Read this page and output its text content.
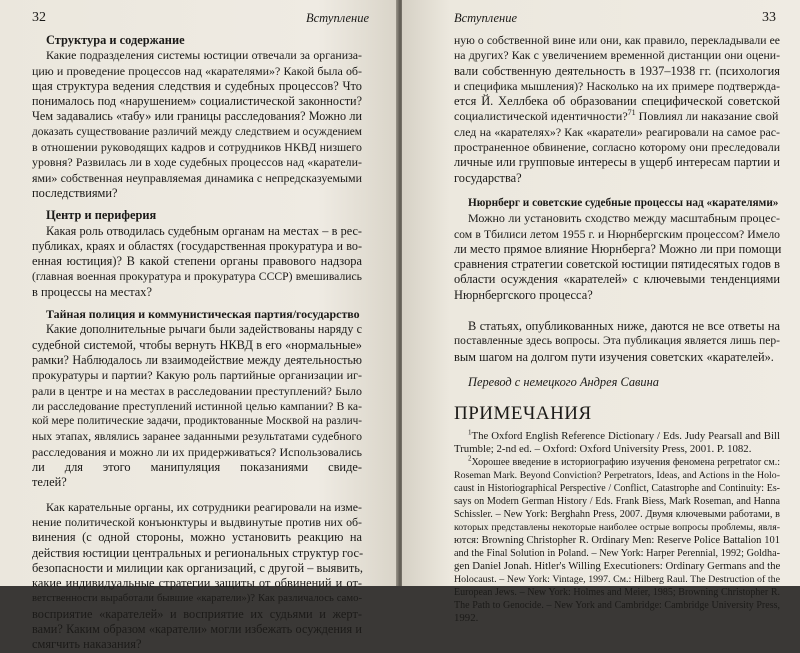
32	Вступление
Структура и содержание
Какие подразделения системы юстиции отвечали за организа-
цию и проведение процессов над «карателями»? Какой была об-
щая структура ведения следствия и судебных процессов? Что
понималось под «нарушением» социалистической законности?
Чем задавались «табу» или границы расследования? Можно ли
доказать существование различий между следствием и осуждением
в отношении руководящих кадров и сотрудников НКВД низшего
уровня? Развилась ли в ходе судебных процессов над «каратели-
ями» собственная неуправляемая динамика с непредсказуемыми
последствиями?
Центр и периферия
Какая роль отводилась судебным органам на местах – в рес-
публиках, краях и областях (государственная прокуратура и во-
енная юстиция)? В какой степени органы правового надзора
(главная военная прокуратура и прокуратура СССР) вмешивались
в процессы на местах?
Тайная полиция и коммунистическая партия/государство
Какие дополнительные рычаги были задействованы наряду с
судебной системой, чтобы вернуть НКВД в его «нормальные»
рамки? Наблюдалось ли взаимодействие между деятельностью
прокуратуры и партии? Какую роль партийные организации иг-
рали в центре и на местах в расследовании преступлений? Было
ли расследование преступлений истинной целью кампании? В ка-
кой мере политические задачи, продиктованные Москвой на различ-
ных этапах, являлись заранее заданными результатами судебного
расследования и можно ли их придерживаться? Использовались
ли для этого манипуляция показаниями свиде-
телей?
Как карательные органы, их сотрудники реагировали на изме-
нение политической конъюнктуры и выдвинутые против них об-
винения (с одной стороны, можно установить реакцию на
действия юстиции центральных и региональных структур гос-
безопасности и милиции как организаций, с другой – выявить,
какие индивидуальные стратегии защиты от обвинений и от-
ветственности выработали бывшие «каратели»)? Как различалось само-
восприятие «карателей» и восприятие их судьями и жерт-
вами? Каким образом «каратели» могли избежать осуждения и
смягчить наказания?
Вступление	33
ную о собственной вине или они, как правило, перекладывали ее
на других? Как с увеличением временной дистанции они оцени-
вали собственную деятельность в 1937–1938 гг. (психология
и специфика мышления)? Насколько на их примере подтвержда-
ется Й. Хеллбека об образовании специфической советской
социалистической идентичности?$^{71}$ Повлиял ли наказание свой
след на «карателях»? Как «каратели» реагировали на самое рас-
пространенное обвинение, согласно которому они преследовали
личные или групповые интересы в ущерб интересам партии и
государства?
Нюрнберг и советские судебные процессы над «карателями»
Можно ли установить сходство между масштабным процес-
сом в Тбилиси летом 1955 г. и Нюрнбергским процессом? Имело
ли место прямое влияние Нюрнберга? Можно ли при помощи
сравнения стратегии советской юстиции пятидесятых годов в
области осуждения «карателей» с ключевыми тенденциями
Нюрнбергского процесса?
В статьях, опубликованных ниже, даются не все ответы на
поставленные здесь вопросы. Эта публикация является лишь пер-
вым шагом на долгом пути изучения советских «карателей».
Перевод с немецкого Андрея Савина
ПРИМЕЧАНИЯ
$^1$The Oxford English Reference Dictionary / Eds. Judy Pearsall and Bill
Trumble; 2-nd ed. – Oxford: Oxford University Press, 2001. P. 1082.
$^2$Хорошее введение в историографию изучения феномена perpetrator см.:
Roseman Mark. Beyond Conviction? Perpetrators, Ideas, and Actions in the Holo-
caust in Historiographical Perspective / Conflict, Catastrophe and Continuity: Es-
says on Modern German History / Eds. Frank Biess, Mark Roseman, and Hanna
Schissler. – New York: Berghahn Press, 2007. Двумя ключевыми работами, в
которых представлены некоторые наиболее острые вопросы проблемы, явля-
ются: Browning Christopher R. Ordinary Men: Reserve Police Battalion 101
and the Final Solution in Poland. – New York: Harper Perennial, 1992; Goldha-
gen Daniel Jonah. Hitler's Willing Executioners: Ordinary Germans and the
Holocaust. – New York: Vintage, 1997. См.: Hilberg Raul. The Destruction of the
European Jews. – New York: Holmes and Meier, 1985; Browning Christopher R.
The Path to Genocide. – New York and Cambridge: Cambridge University Press,
1992.
